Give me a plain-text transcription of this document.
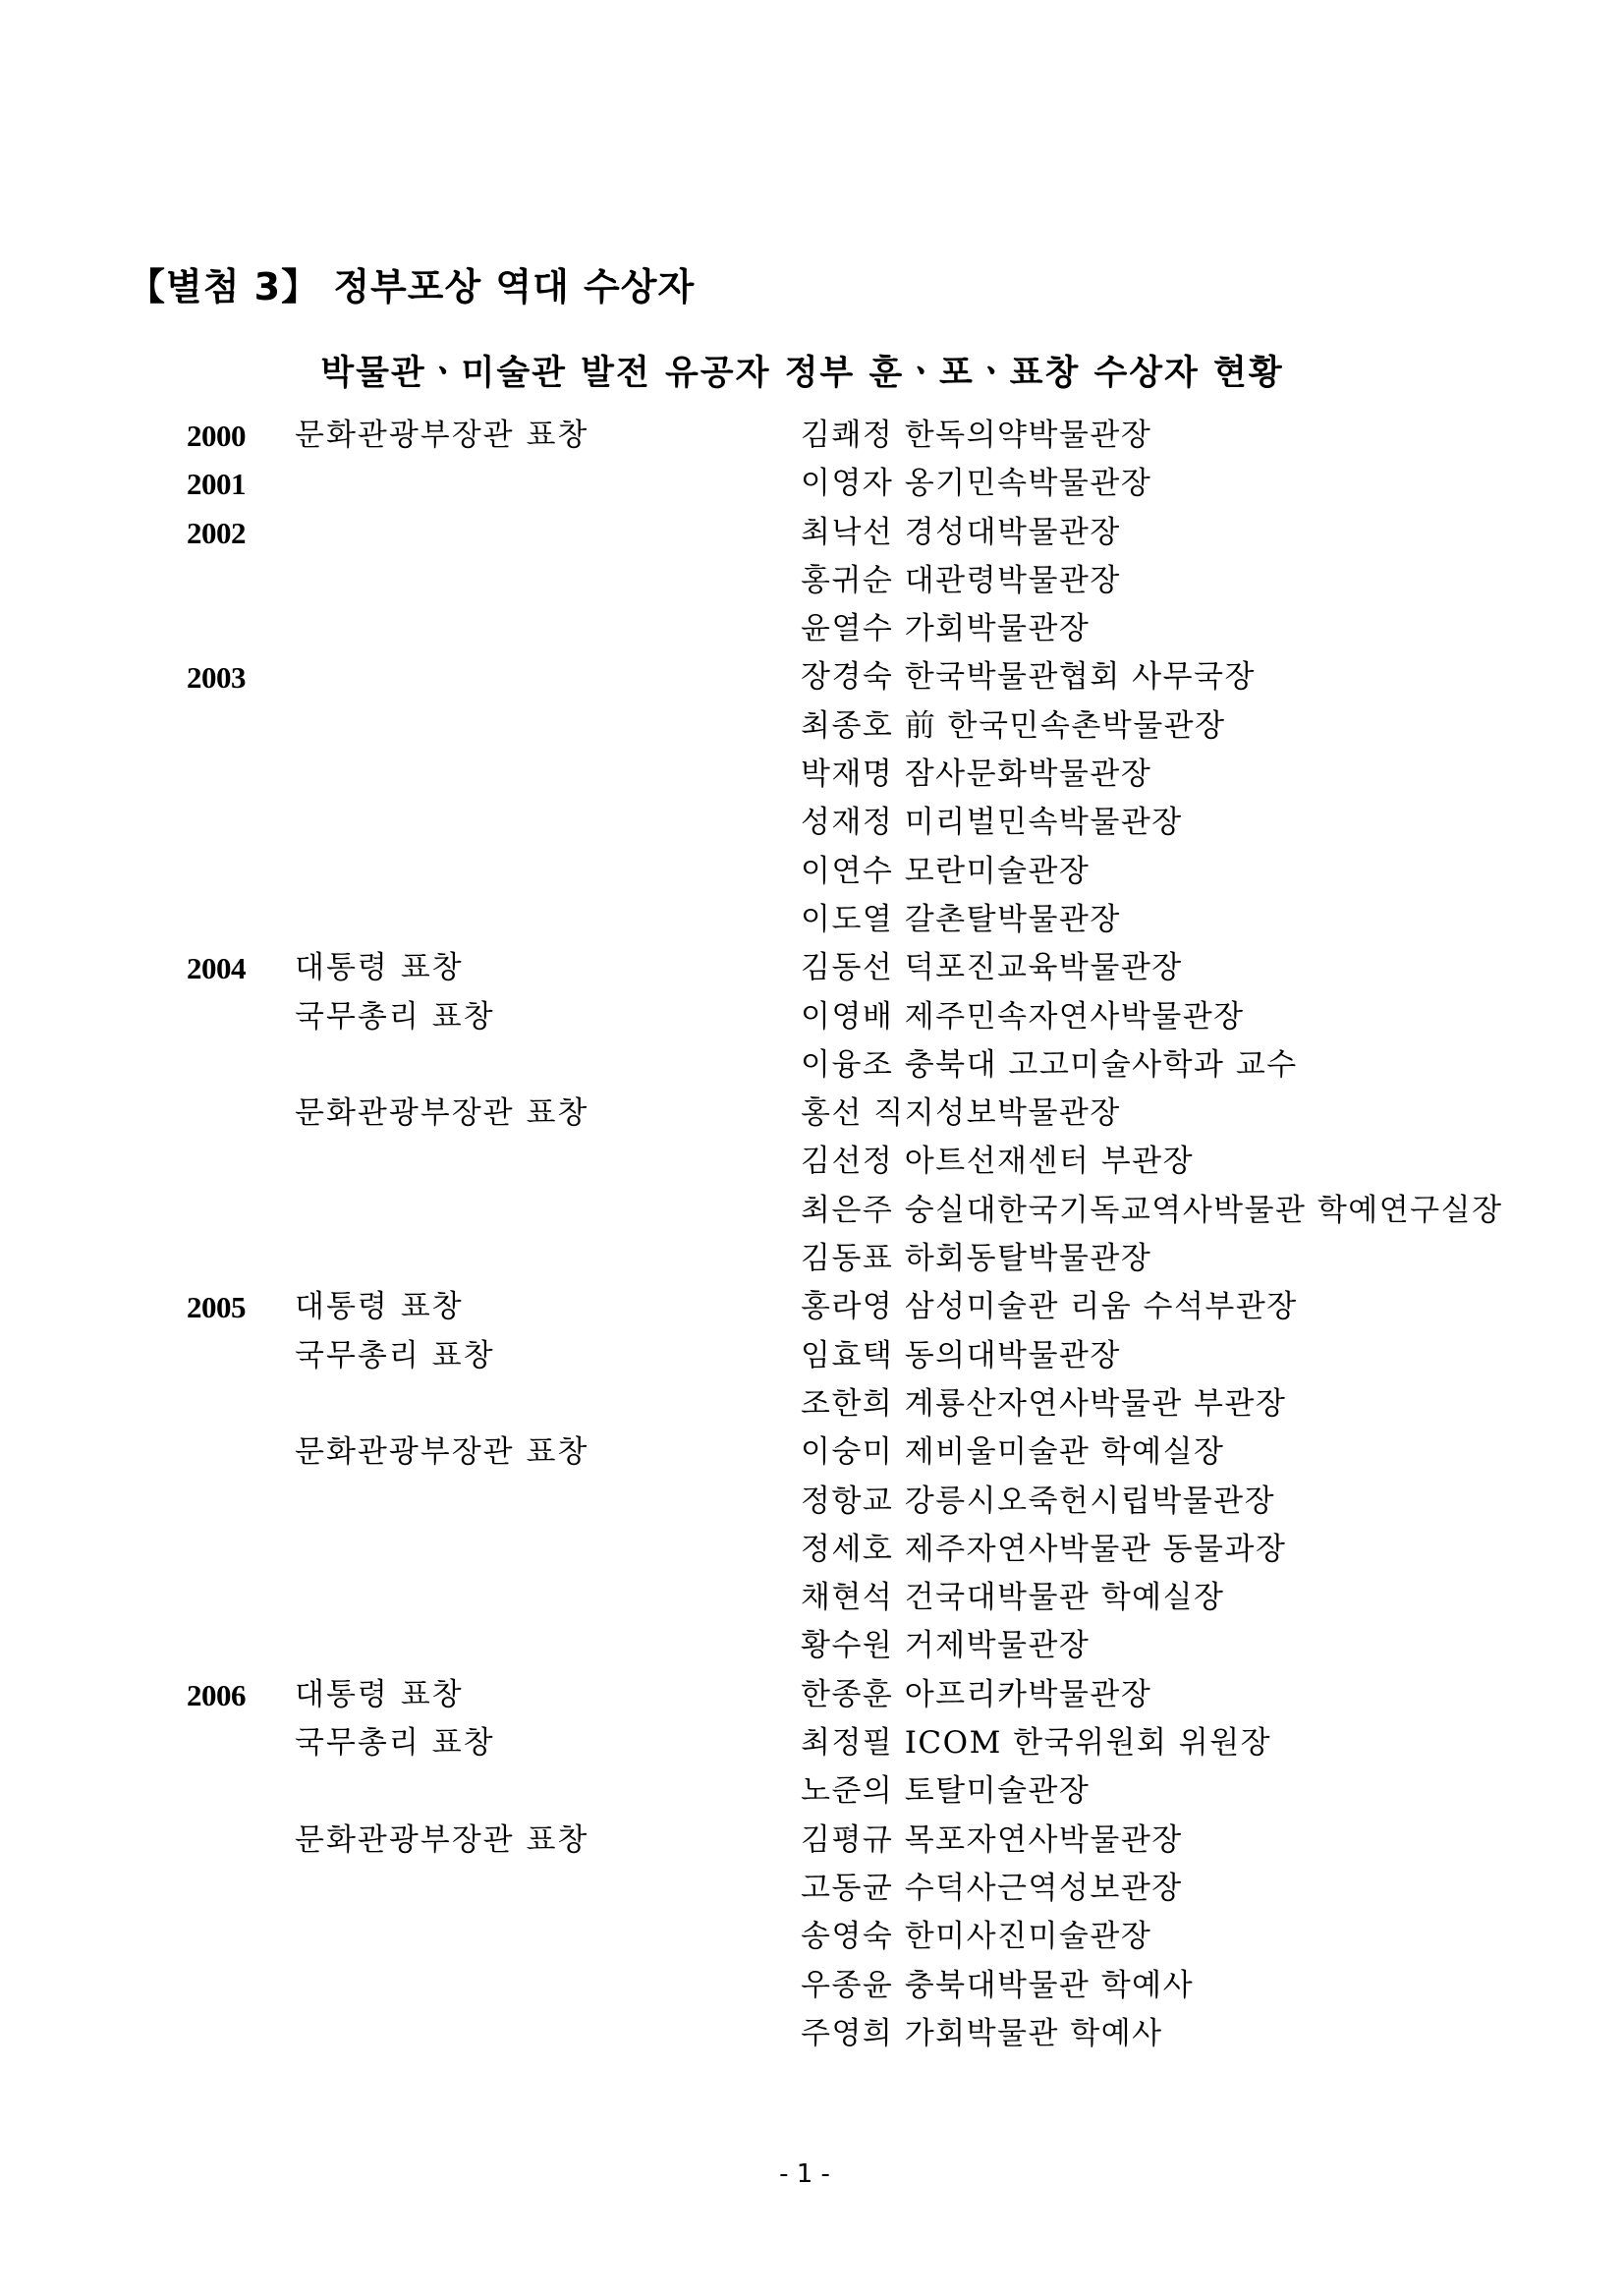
【별첨 3】 정부포상 역대 수상자
박물관ㆍ미술관 발전 유공자 정부 훈ㆍ포ㆍ표창 수상자 현황
2000 문화관광부장관 표창	김쾌정 한독의약박물관장
2001	이영자 옹기민속박물관장
2002	최낙선 경성대박물관장
홍귀순 대관령박물관장
윤열수 가회박물관장
2003	장경숙 한국박물관협회 사무국장
최종호 前 한국민속촌박물관장
박재명 잠사문화박물관장
성재정 미리벌민속박물관장
이연수 모란미술관장
이도열 갈촌탈박물관장
2004 대통령 표창	김동선 덕포진교육박물관장
국무총리 표창	이영배 제주민속자연사박물관장
이융조 충북대 고고미술사학과 교수
문화관광부장관 표창	홍선 직지성보박물관장
김선정 아트선재센터 부관장
최은주 숭실대한국기독교역사박물관 학예연구실장
김동표 하회동탈박물관장
2005 대통령 표창	홍라영 삼성미술관 리움 수석부관장
국무총리 표창	임효택 동의대박물관장
조한희 계룡산자연사박물관 부관장
문화관광부장관 표창	이숭미 제비울미술관 학예실장
정항교 강릉시오죽헌시립박물관장
정세호 제주자연사박물관 동물과장
채현석 건국대박물관 학예실장
황수원 거제박물관장
2006 대통령 표창	한종훈 아프리카박물관장
국무총리 표창	최정필 ICOM 한국위원회 위원장
노준의 토탈미술관장
문화관광부장관 표창	김평규 목포자연사박물관장
고동균 수덕사근역성보관장
송영숙 한미사진미술관장
우종윤 충북대박물관 학예사
주영희 가회박물관 학예사
- 1 -
